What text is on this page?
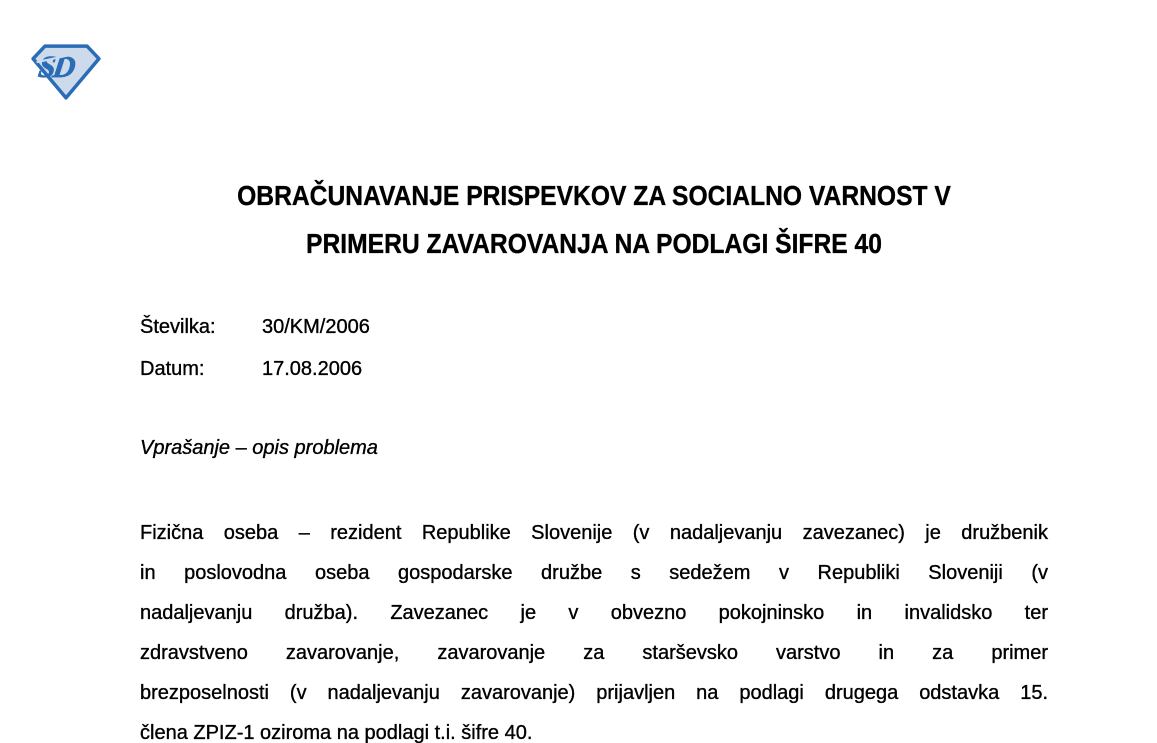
SD
OBRAČUNAVANJE PRISPEVKOV ZA SOCIALNO VARNOST V
PRIMERU ZAVAROVANJA NA PODLAGI ŠIFRE 40
Številka:	30/KM/2006
Datum:	17.08.2006
Vprašanje – opis problema
Fizična oseba – rezident Republike Slovenije (v nadaljevanju zavezanec) je družbenik
in poslovodna oseba gospodarske družbe s sedežem v Republiki Sloveniji (v
nadaljevanju družba). Zavezanec je v obvezno pokojninsko in invalidsko ter
zdravstveno zavarovanje, zavarovanje za starševsko varstvo in za primer
brezposelnosti (v nadaljevanju zavarovanje) prijavljen na podlagi drugega odstavka 15.
člena ZPIZ-1 oziroma na podlagi t.i. šifre 40.
